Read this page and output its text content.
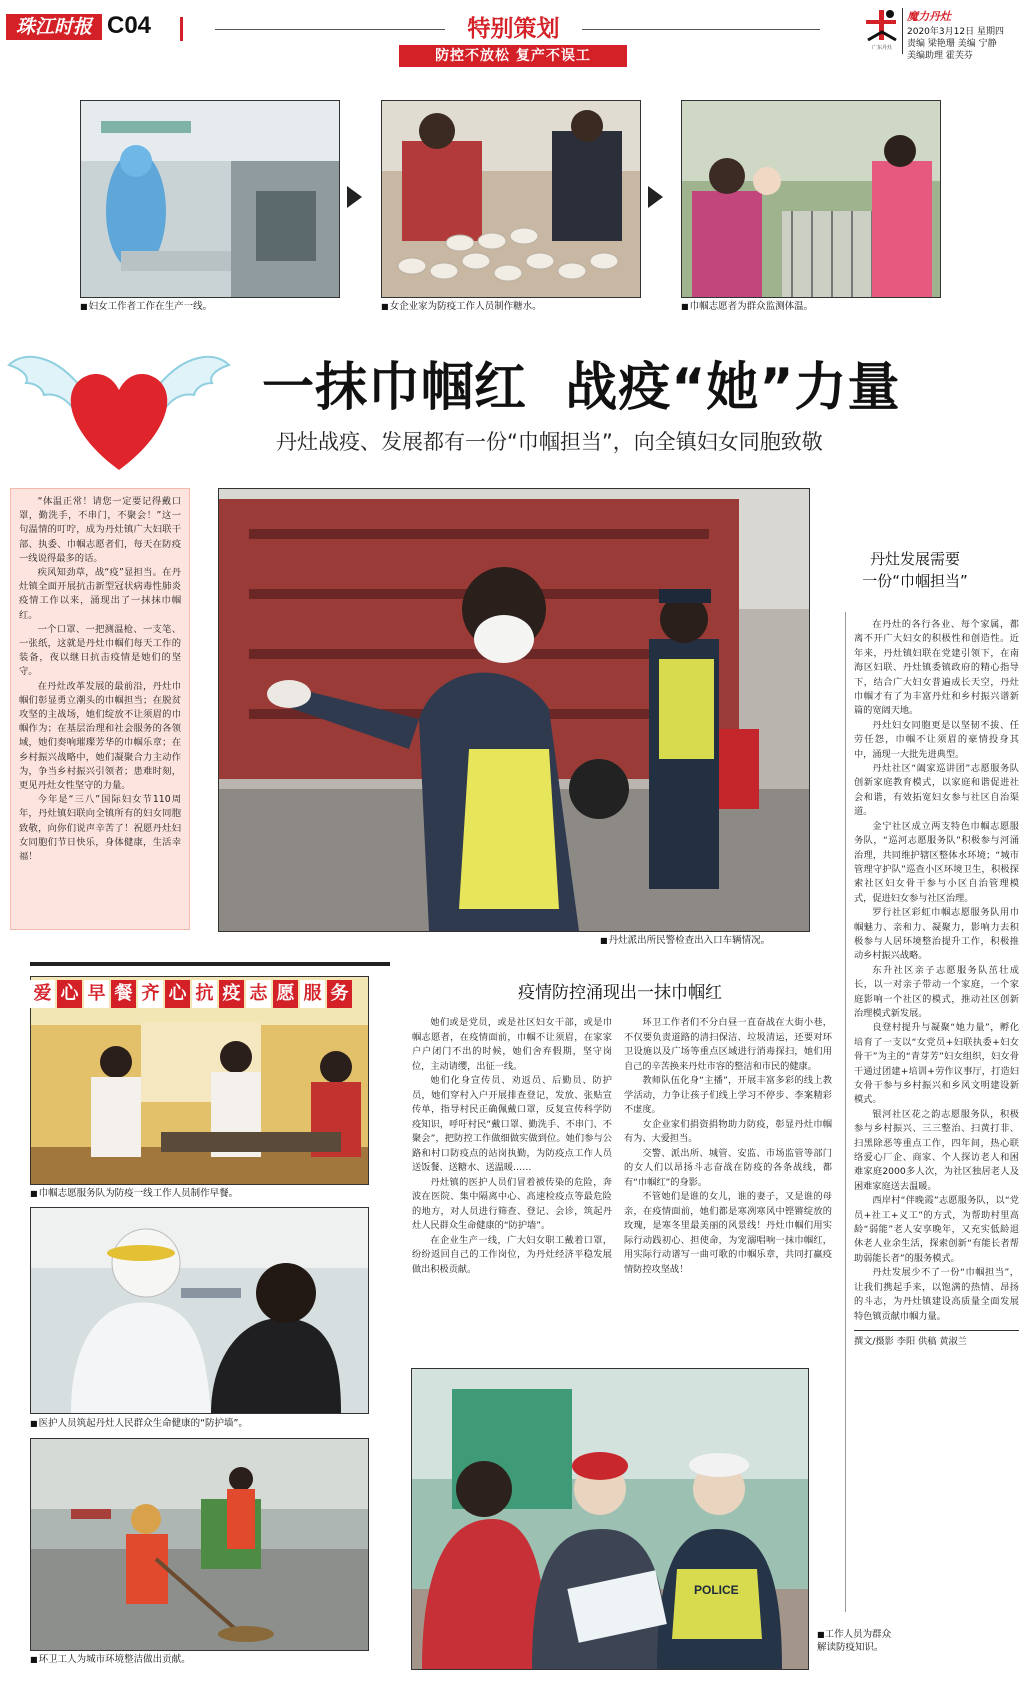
珠江时报 C04	特别策划
防控不放松 复产不误工	广东丹灶
魔力丹灶
2020年3月12日 星期四
责编 梁艳珊 美编 宁静
美编助理 霍芙芬
■ 妇女工作者工作在生产一线。	■ 女企业家为防疫工作人员制作糖水。	■ 巾帼志愿者为群众监测体温。
一抹巾帼红  战疫“她”力量
丹灶战疫、发展都有一份“巾帼担当”，向全镇妇女同胞致敬

“体温正常！请您一定要记得戴口罩，勤洗手，不串门，不聚会！”这一句温情的叮咛，成为丹灶镇广大妇联干部、执委、巾帼志愿者们，每天在防疫一线说得最多的话。

疾风知劲草，战“疫”显担当。在丹灶镇全面开展抗击新型冠状病毒性肺炎疫情工作以来，涌现出了一抹抹巾帼红。

一个口罩、一把测温枪、一支笔、一张纸，这就是丹灶巾帼们每天工作的装备，夜以继日抗击疫情是她们的坚守。

在丹灶改革发展的最前沿，丹灶巾帼们彰显勇立潮头的巾帼担当；在脱贫攻坚的主战场，她们绽放不让须眉的巾帼作为；在基层治理和社会服务的各领域，她们奏响璀璨芳华的巾帼乐章；在乡村振兴战略中，她们凝聚合力主动作为，争当乡村振兴引领者；患难时刻，更见丹灶女性坚守的力量。

今年是“三八”国际妇女节110周年，丹灶镇妇联向全镇所有的妇女同胞致敬，向你们说声辛苦了！祝愿丹灶妇女同胞们节日快乐，身体健康，生活幸福！

■ 丹灶派出所民警检查出入口车辆情况。
丹灶发展需要
一份“巾帼担当”

在丹灶的各行各业、每个家属，都离不开广大妇女的积极性和创造性。近年来，丹灶镇妇联在党建引领下，在南海区妇联、丹灶镇委镇政府的精心指导下，结合广大妇女普遍成长天空，丹灶巾帼才有了为丰富丹灶和乡村振兴谱新篇的宽阔天地。

丹灶妇女同胞更是以坚韧不拔、任劳任怨，巾帼不让须眉的豪情投身其中，涌现一大批先进典型。

丹灶社区“阖家巡讲团”志愿服务队创新家庭教育模式，以家庭和谐促进社会和谐，有效拓宽妇女参与社区自治渠道。

金宁社区成立两支特色巾帼志愿服务队，“巡河志愿服务队”积极参与河涌治理，共同维护辖区整体水环境；“城市管理守护队”巡查小区环境卫生，积极探索社区妇女骨干参与小区自治管理模式，促进妇女参与社区治理。

罗行社区彩虹巾帼志愿服务队用巾帼魅力、亲和力、凝聚力，影响力去积极参与人居环境整治提升工作，积极推动乡村振兴战略。

东升社区亲子志愿服务队茁壮成长，以一对亲子带动一个家庭，一个家庭影响一个社区的模式，推动社区创新治理模式新发展。

良登村提升与凝聚“她力量”，孵化培育了一支以“女党员+妇联执委+妇女骨干”为主的“青芽芳”妇女组织，妇女骨干通过团建+培训+劳作议事厅，打造妇女骨干参与乡村振兴和乡风文明建设新模式。

银河社区花之韵志愿服务队，积极参与乡村振兴、三三整治、扫黄打非、扫黑除恶等重点工作，四年间，热心联络爱心厂企、商家、个人探访老人和困难家庭2000多人次，为社区独居老人及困难家庭送去温暖。

西岸村“伴晚霞”志愿服务队，以“党员+社工+义工”的方式，为帮助村里高龄“弱能”老人安享晚年，又充实低龄退休老人业余生活，探索创新“有能长者帮助弱能长者”的服务模式。

丹灶发展少不了一份“巾帼担当”，让我们携起手来，以饱满的热情、昂扬的斗志，为丹灶镇建设高质量全面发展特色镇贡献巾帼力量。

撰文/摄影 李阳 供稿 黄淑兰
爱 心 早 餐 齐 心 抗 疫 志 愿 服 务
■ 巾帼志愿服务队为防疫一线工作人员制作早餐。
■ 医护人员筑起丹灶人民群众生命健康的“防护墙”。
■ 环卫工人为城市环境整洁做出贡献。
疫情防控涌现出一抹巾帼红

她们或是党员，或是社区妇女干部，或是巾帼志愿者，在疫情面前，巾帼不让须眉，在家家户户闭门不出的时候，她们舍弃假期，坚守岗位，主动请缨，出征一线。

她们化身宣传员、劝返员、后勤员、防护员，她们穿村入户开展排查登记，发放、张贴宣传单，指导村民正确佩戴口罩，反复宣传科学防疫知识，呼吁村民“戴口罩、勤洗手、不串门、不聚会”，把防控工作做细做实做到位。她们参与公路和村口防疫点的站岗执勤，为防疫点工作人员送饭餐、送糖水、送温暖……

丹灶镇的医护人员们冒着被传染的危险，奔波在医院、集中隔离中心、高速检疫点等最危险的地方，对人员进行筛查、登记、会诊，筑起丹灶人民群众生命健康的“防护墙”。

在企业生产一线，广大妇女职工戴着口罩，纷纷返回自己的工作岗位，为丹灶经济平稳发展做出积极贡献。

环卫工作者们不分白昼一直奋战在大街小巷，不仅要负责道路的清扫保洁、垃圾清运，还要对环卫设施以及广场等重点区域进行消毒探扫，她们用自己的辛苦换来丹灶市容的整洁和市民的健康。

教师队伍化身“主播”，开展丰富多彩的线上教学活动，力争让孩子们线上学习不停步、李案精彩不虚度。

女企业家们捐资捐物助力防疫，彰显丹灶巾帼有为、大爱担当。

交警、派出所、城管、安监、市场监管等部门的女人们以昂扬斗志奋战在防疫的各条战线，都有“巾帼红”的身影。

不管她们是谁的女儿，谁的妻子，又是谁的母亲，在疫情面前，她们都是寒冽寒风中铿锵绽放的玫瑰，是寒冬里最美丽的风景线！丹灶巾帼们用实际行动践初心、担使命，为宠溺唱响一抹巾帼红，用实际行动谱写一曲可歌的巾帼乐章，共同打赢疫情防控攻坚战！

POLICE
■工作人员为群众解读防疫知识。
